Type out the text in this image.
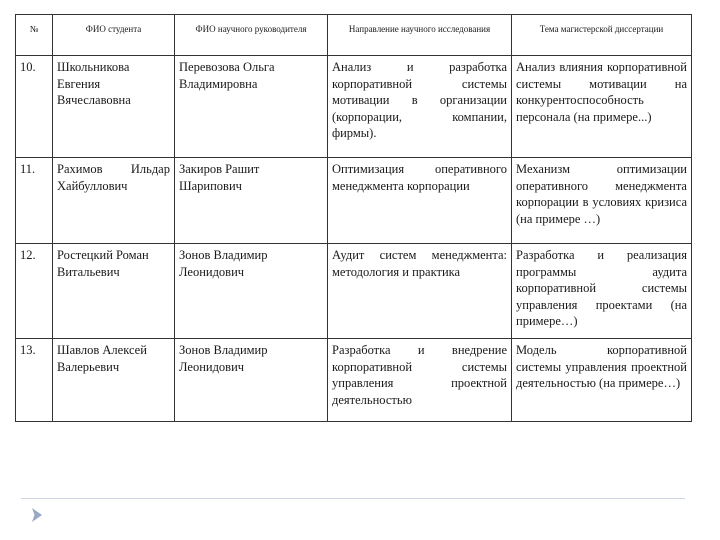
№	ФИО студента	ФИО научного руководителя	Направление научного исследования	Тема магистерской диссертации
10.	Школьникова Евгения Вячеславовна	Перевозова Ольга Владимировна	Анализ и разработка корпоративной системы мотивации в организации (корпорации, компании, фирмы).	Анализ влияния корпоративной системы мотивации на конкурентоспособность персонала (на примере...)
11.	Рахимов Ильдар Хайбуллович	Закиров Рашит Шарипович	Оптимизация оперативного менеджмента корпорации	Механизм оптимизации оперативного менеджмента корпорации в условиях кризиса (на примере …)
12.	Ростецкий Роман Витальевич	Зонов Владимир Леонидович	Аудит систем менеджмента: методология и практика	Разработка и реализация программы аудита корпоративной системы управления проектами (на примере…)
13.	Шавлов Алексей Валерьевич	Зонов Владимир Леонидович	Разработка и внедрение корпоративной системы управления проектной деятельностью	Модель корпоративной системы управления проектной деятельностью (на примере…)
